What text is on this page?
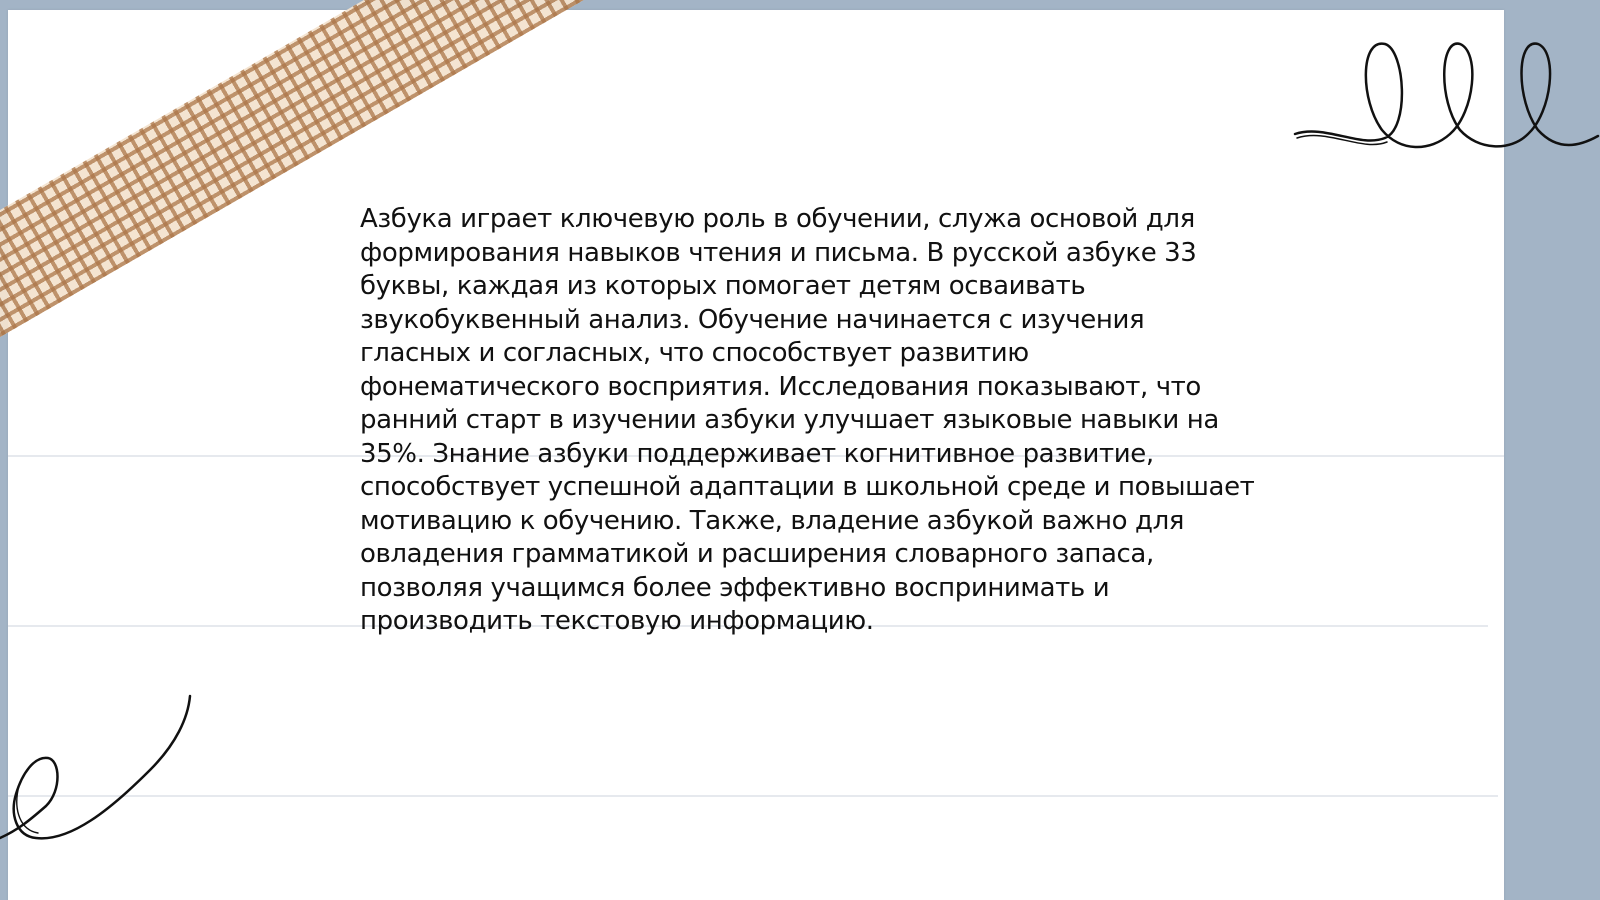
Азбука играет ключевую роль в обучении, служа основой для формирования навыков чтения и письма. В русской азбуке 33 буквы, каждая из которых помогает детям осваивать звукобуквенный анализ. Обучение начинается с изучения гласных и согласных, что способствует развитию фонематического восприятия. Исследования показывают, что ранний старт в изучении азбуки улучшает языковые навыки на 35%. Знание азбуки поддерживает когнитивное развитие, способствует успешной адаптации в школьной среде и повышает мотивацию к обучению. Также, владение азбукой важно для овладения грамматикой и расширения словарного запаса, позволяя учащимся более эффективно воспринимать и производить текстовую информацию.
